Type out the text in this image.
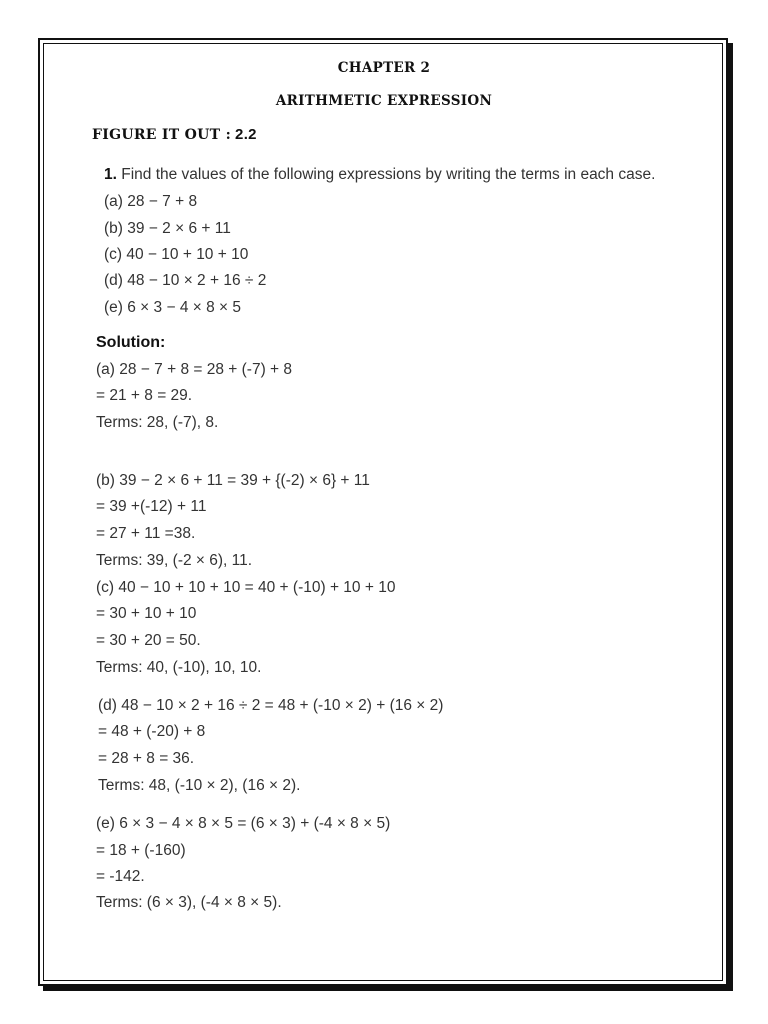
CHAPTER 2
ARITHMETIC EXPRESSION
FIGURE IT OUT : 2.2
1. Find the values of the following expressions by writing the terms in each case.
(a) 28 − 7 + 8
(b) 39 − 2 × 6 + 11
(c) 40 − 10 + 10 + 10
(d) 48 − 10 × 2 + 16 ÷ 2
(e) 6 × 3 − 4 × 8 × 5
Solution:
(a) 28 − 7 + 8 = 28 + (-7) + 8
= 21 + 8 = 29.
Terms: 28, (-7), 8.
(b) 39 − 2 × 6 + 11 = 39 + {(-2) × 6} + 11
= 39 +(-12) + 11
= 27 + 11 =38.
Terms: 39, (-2 × 6), 11.
(c) 40 − 10 + 10 + 10 = 40 + (-10) + 10 + 10
= 30 + 10 + 10
= 30 + 20 = 50.
Terms: 40, (-10), 10, 10.
(d) 48 − 10 × 2 + 16 ÷ 2 = 48 + (-10 × 2) + (16 × 2)
= 48 + (-20) + 8
= 28 + 8 = 36.
Terms: 48, (-10 × 2), (16 × 2).
(e) 6 × 3 − 4 × 8 × 5 = (6 × 3) + (-4 × 8 × 5)
= 18 + (-160)
= -142.
Terms: (6 × 3), (-4 × 8 × 5).
